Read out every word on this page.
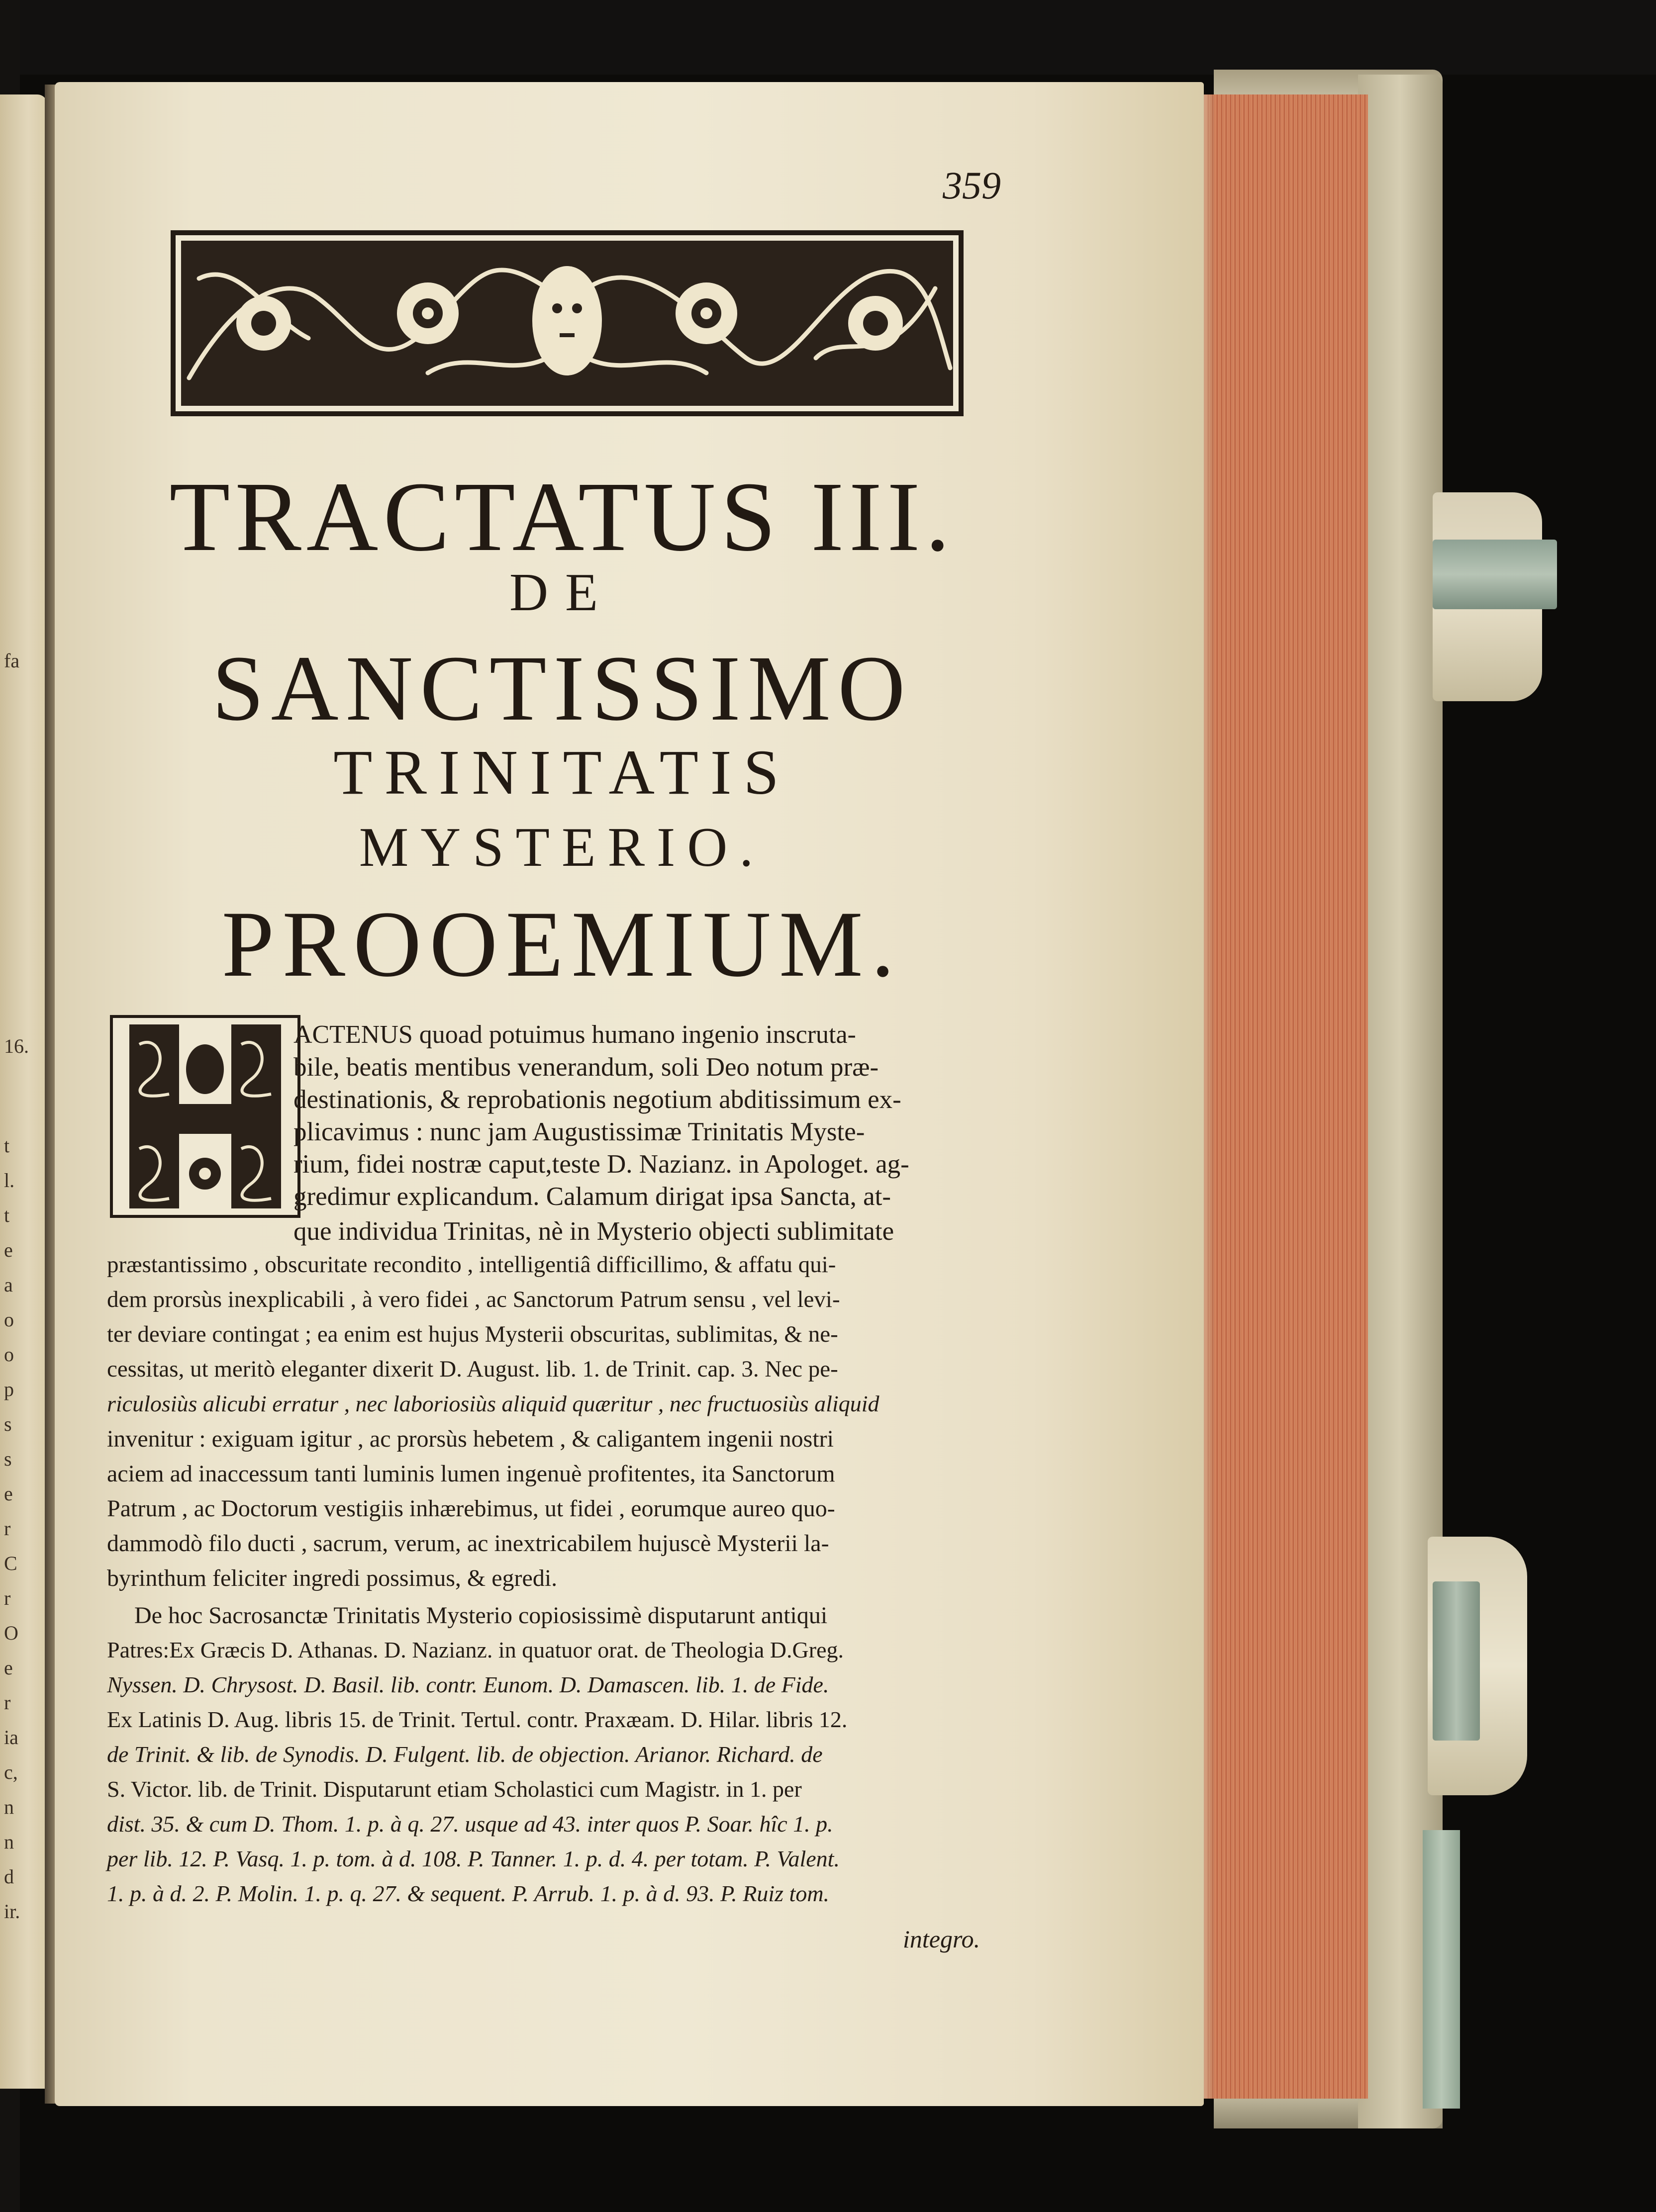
fa
16.
t
l.
t
e
a
o
o
p
s
s
e
r
C
r
O
e
r
ia
c,
n
n
d
ir.
359
TRACTATUS III.
DE
SANCTISSIMO
TRINITATIS
MYSTERIO.
PROOEMIUM.
ACTENUS quoad potuimus humano ingenio inscruta-
bile, beatis mentibus venerandum, soli Deo notum præ-
destinationis, & reprobationis negotium abditissimum ex-
plicavimus : nunc jam Augustissimæ Trinitatis Myste-
rium, fidei nostræ caput,teste D. Nazianz. in Apologet. ag-
gredimur explicandum. Calamum dirigat ipsa Sancta, at-
que individua Trinitas, nè in Mysterio objecti sublimitate
præstantissimo , obscuritate recondito , intelligentiâ difficillimo, & affatu qui-
dem prorsùs inexplicabili , à vero fidei , ac Sanctorum Patrum sensu , vel levi-
ter deviare contingat ; ea enim est hujus Mysterii obscuritas, sublimitas, & ne-
cessitas, ut meritò eleganter dixerit D. August. lib. 1. de Trinit. cap. 3. Nec pe-
riculosiùs alicubi erratur , nec laboriosiùs aliquid quæritur , nec fructuosiùs aliquid
invenitur : exiguam igitur , ac prorsùs hebetem , & caligantem ingenii nostri
aciem ad inaccessum tanti luminis lumen ingenuè profitentes, ita Sanctorum
Patrum , ac Doctorum vestigiis inhærebimus, ut fidei , eorumque aureo quo-
dammodò filo ducti , sacrum, verum, ac inextricabilem hujuscè Mysterii la-
byrinthum feliciter ingredi possimus, & egredi.
De hoc Sacrosanctæ Trinitatis Mysterio copiosissimè disputarunt antiqui
Patres:Ex Græcis D. Athanas. D. Nazianz. in quatuor orat. de Theologia D.Greg.
Nyssen. D. Chrysost. D. Basil. lib. contr. Eunom. D. Damascen. lib. 1. de Fide.
Ex Latinis D. Aug. libris 15. de Trinit. Tertul. contr. Praxæam. D. Hilar. libris 12.
de Trinit. & lib. de Synodis. D. Fulgent. lib. de objection. Arianor. Richard. de
S. Victor. lib. de Trinit. Disputarunt etiam Scholastici cum Magistr. in 1. per
dist. 35. & cum D. Thom. 1. p. à q. 27. usque ad 43. inter quos P. Soar. hîc 1. p.
per lib. 12. P. Vasq. 1. p. tom. à d. 108. P. Tanner. 1. p. d. 4. per totam. P. Valent.
1. p. à d. 2. P. Molin. 1. p. q. 27. & sequent. P. Arrub. 1. p. à d. 93. P. Ruiz tom.
integro.
